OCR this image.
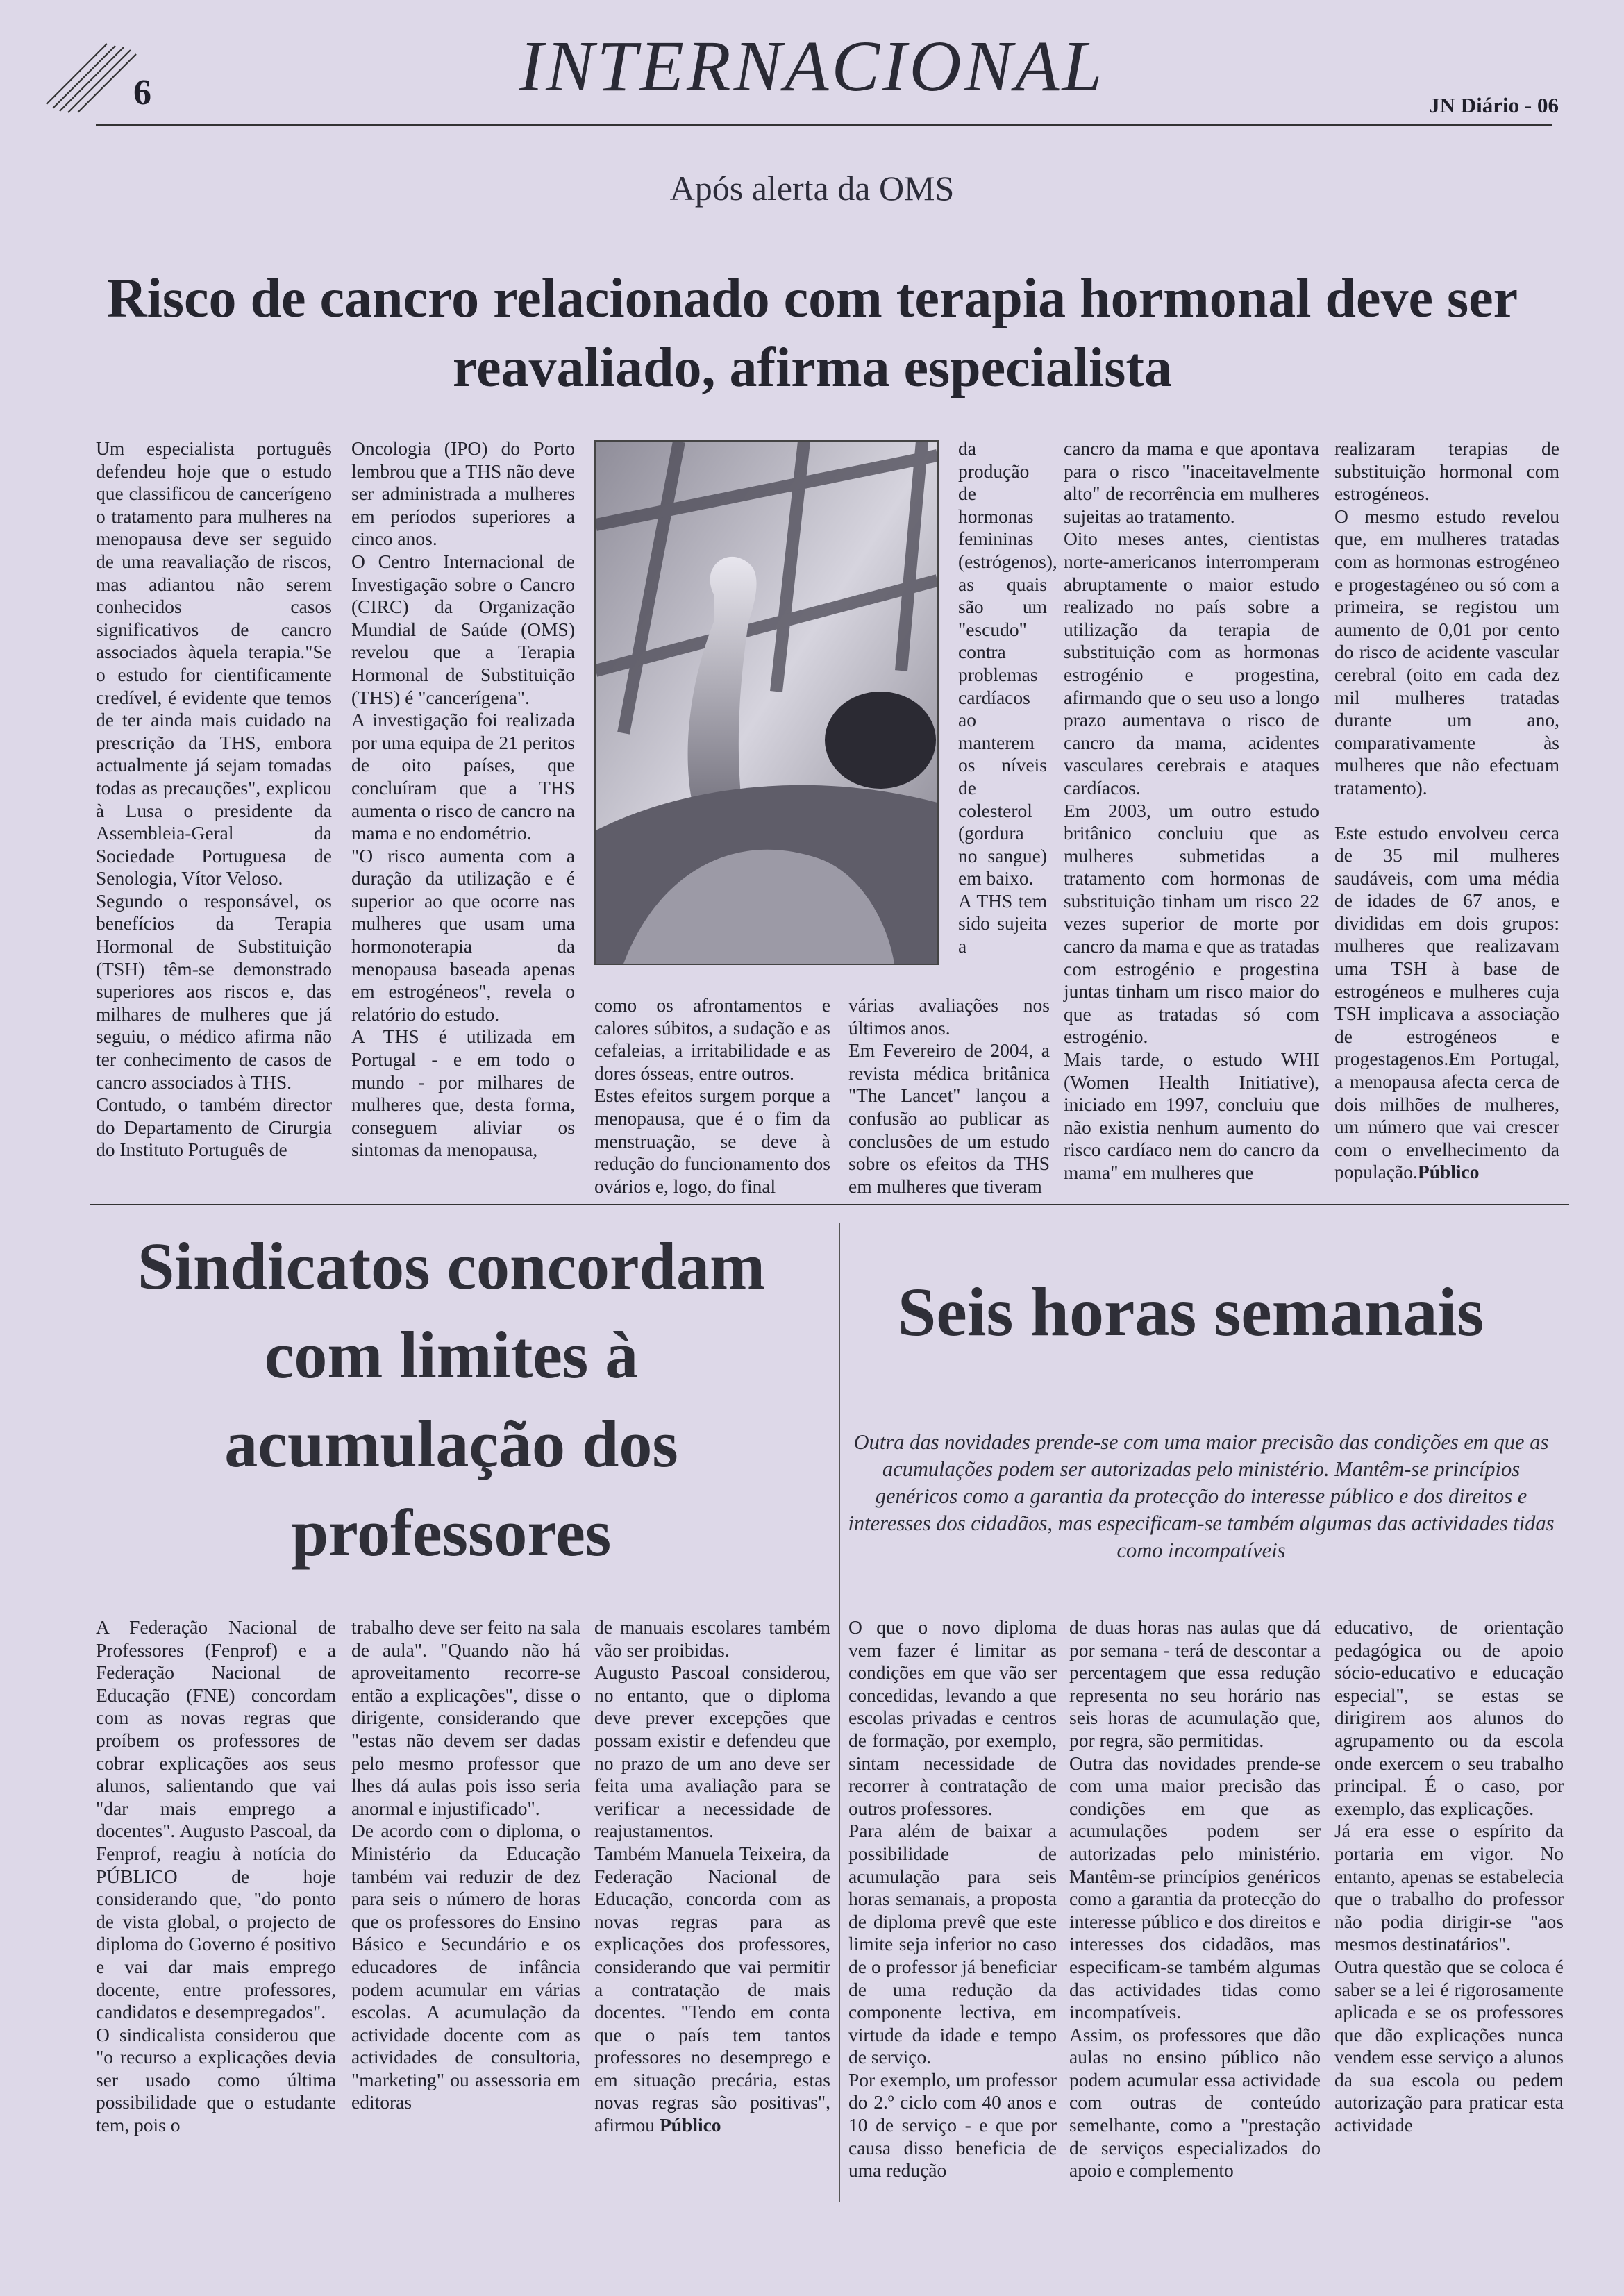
6	INTERNACIONAL	JN Diário - 06
Após alerta da OMS
Risco de cancro relacionado com terapia hormonal deve ser reavaliado, afirma especialista

Um especialista português defendeu hoje que o estudo que classificou de cancerígeno o tratamento para mulheres na menopausa deve ser seguido de uma reavaliação de riscos, mas adiantou não serem conhecidos casos significativos de cancro associados àquela terapia."Se o estudo for cientificamente credível, é evidente que temos de ter ainda mais cuidado na prescrição da THS, embora actualmente já sejam tomadas todas as precauções", explicou à Lusa o presidente da Assembleia-Geral da Sociedade Portuguesa de Senologia, Vítor Veloso.

Segundo o responsável, os benefícios da Terapia Hormonal de Substituição (TSH) têm-se demonstrado superiores aos riscos e, das milhares de mulheres que já seguiu, o médico afirma não ter conhecimento de casos de cancro associados à THS.

Contudo, o também director do Departamento de Cirurgia do Instituto Português de

Oncologia (IPO) do Porto lembrou que a THS não deve ser administrada a mulheres em períodos superiores a cinco anos.

O Centro Internacional de Investigação sobre o Cancro (CIRC) da Organização Mundial de Saúde (OMS) revelou que a Terapia Hormonal de Substituição (THS) é "cancerígena".

A investigação foi realizada por uma equipa de 21 peritos de oito países, que concluíram que a THS aumenta o risco de cancro na mama e no endométrio.

"O risco aumenta com a duração da utilização e é superior ao que ocorre nas mulheres que usam uma hormonoterapia da menopausa baseada apenas em estrogéneos", revela o relatório do estudo.

A THS é utilizada em Portugal - e em todo o mundo - por milhares de mulheres que, desta forma, conseguem aliviar os sintomas da menopausa,

como os afrontamentos e calores súbitos, a sudação e as cefaleias, a irritabilidade e as dores ósseas, entre outros.

Estes efeitos surgem porque a menopausa, que é o fim da menstruação, se deve à redução do funcionamento dos ovários e, logo, do final

da produção de hormonas femininas (estrógenos), as quais são um "escudo" contra problemas cardíacos ao manterem os níveis de colesterol (gordura no sangue) em baixo.

A THS tem sido sujeita a

várias avaliações nos últimos anos.

Em Fevereiro de 2004, a revista médica britânica "The Lancet" lançou a confusão ao publicar as conclusões de um estudo sobre os efeitos da THS em mulheres que tiveram

cancro da mama e que apontava para o risco "inaceitavelmente alto" de recorrência em mulheres sujeitas ao tratamento.

Oito meses antes, cientistas norte-americanos interromperam abruptamente o maior estudo realizado no país sobre a utilização da terapia de substituição com as hormonas estrogénio e progestina, afirmando que o seu uso a longo prazo aumentava o risco de cancro da mama, acidentes vasculares cerebrais e ataques cardíacos.

Em 2003, um outro estudo britânico concluiu que as mulheres submetidas a tratamento com hormonas de substituição tinham um risco 22 vezes superior de morte por cancro da mama e que as tratadas com estrogénio e progestina juntas tinham um risco maior do que as tratadas só com estrogénio.

Mais tarde, o estudo WHI (Women Health Initiative), iniciado em 1997, concluiu que não existia nenhum aumento do risco cardíaco nem do cancro da mama" em mulheres que

realizaram terapias de substituição hormonal com estrogéneos.

O mesmo estudo revelou que, em mulheres tratadas com as hormonas estrogéneo e progestagéneo ou só com a primeira, se registou um aumento de 0,01 por cento do risco de acidente vascular cerebral (oito em cada dez mil mulheres tratadas durante um ano, comparativamente às mulheres que não efectuam tratamento).

Este estudo envolveu cerca de 35 mil mulheres saudáveis, com uma média de idades de 67 anos, e divididas em dois grupos: mulheres que realizavam uma TSH à base de estrogéneos e mulheres cuja TSH implicava a associação de estrogéneos e progestagenos.Em Portugal, a menopausa afecta cerca de dois milhões de mulheres, um número que vai crescer com o envelhecimento da população.Público

Sindicatos concordam com limites à acumulação dos professores

A Federação Nacional de Professores (Fenprof) e a Federação Nacional de Educação (FNE) concordam com as novas regras que proíbem os professores de cobrar explicações aos seus alunos, salientando que vai "dar mais emprego a docentes". Augusto Pascoal, da Fenprof, reagiu à notícia do PÚBLICO de hoje considerando que, "do ponto de vista global, o projecto de diploma do Governo é positivo e vai dar mais emprego docente, entre professores, candidatos e desempregados".

O sindicalista considerou que "o recurso a explicações devia ser usado como última possibilidade que o estudante tem, pois o

trabalho deve ser feito na sala de aula". "Quando não há aproveitamento recorre-se então a explicações", disse o dirigente, considerando que "estas não devem ser dadas pelo mesmo professor que lhes dá aulas pois isso seria anormal e injustificado".

De acordo com o diploma, o Ministério da Educação também vai reduzir de dez para seis o número de horas que os professores do Ensino Básico e Secundário e os educadores de infância podem acumular em várias escolas. A acumulação da actividade docente com as actividades de consultoria, "marketing" ou assessoria em editoras

de manuais escolares também vão ser proibidas.

Augusto Pascoal considerou, no entanto, que o diploma deve prever excepções que possam existir e defendeu que no prazo de um ano deve ser feita uma avaliação para se verificar a necessidade de reajustamentos.

Também Manuela Teixeira, da Federação Nacional de Educação, concorda com as novas regras para as explicações dos professores, considerando que vai permitir a contratação de mais docentes. "Tendo em conta que o país tem tantos professores no desemprego e em situação precária, estas novas regras são positivas", afirmou Público

Seis horas semanais
Outra das novidades prende-se com uma maior precisão das condições em que as acumulações podem ser autorizadas pelo ministério. Mantêm-se princípios genéricos como a garantia da protecção do interesse público e dos direitos e interesses dos cidadãos, mas especificam-se também algumas das actividades tidas como incompatíveis

O que o novo diploma vem fazer é limitar as condições em que vão ser concedidas, levando a que escolas privadas e centros de formação, por exemplo, sintam necessidade de recorrer à contratação de outros professores.

Para além de baixar a possibilidade de acumulação para seis horas semanais, a proposta de diploma prevê que este limite seja inferior no caso de o professor já beneficiar de uma redução da componente lectiva, em virtude da idade e tempo de serviço.

Por exemplo, um professor do 2.º ciclo com 40 anos e 10 de serviço - e que por causa disso beneficia de uma redução

de duas horas nas aulas que dá por semana - terá de descontar a percentagem que essa redução representa no seu horário nas seis horas de acumulação que, por regra, são permitidas.

Outra das novidades prende-se com uma maior precisão das condições em que as acumulações podem ser autorizadas pelo ministério. Mantêm-se princípios genéricos como a garantia da protecção do interesse público e dos direitos e interesses dos cidadãos, mas especificam-se também algumas das actividades tidas como incompatíveis.

Assim, os professores que dão aulas no ensino público não podem acumular essa actividade com outras de conteúdo semelhante, como a "prestação de serviços especializados do apoio e complemento

educativo, de orientação pedagógica ou de apoio sócio-educativo e educação especial", se estas se dirigirem aos alunos do agrupamento ou da escola onde exercem o seu trabalho principal. É o caso, por exemplo, das explicações.

Já era esse o espírito da portaria em vigor. No entanto, apenas se estabelecia que o trabalho do professor não podia dirigir-se "aos mesmos destinatários".

Outra questão que se coloca é saber se a lei é rigorosamente aplicada e se os professores que dão explicações nunca vendem esse serviço a alunos da sua escola ou pedem autorização para praticar esta actividade
